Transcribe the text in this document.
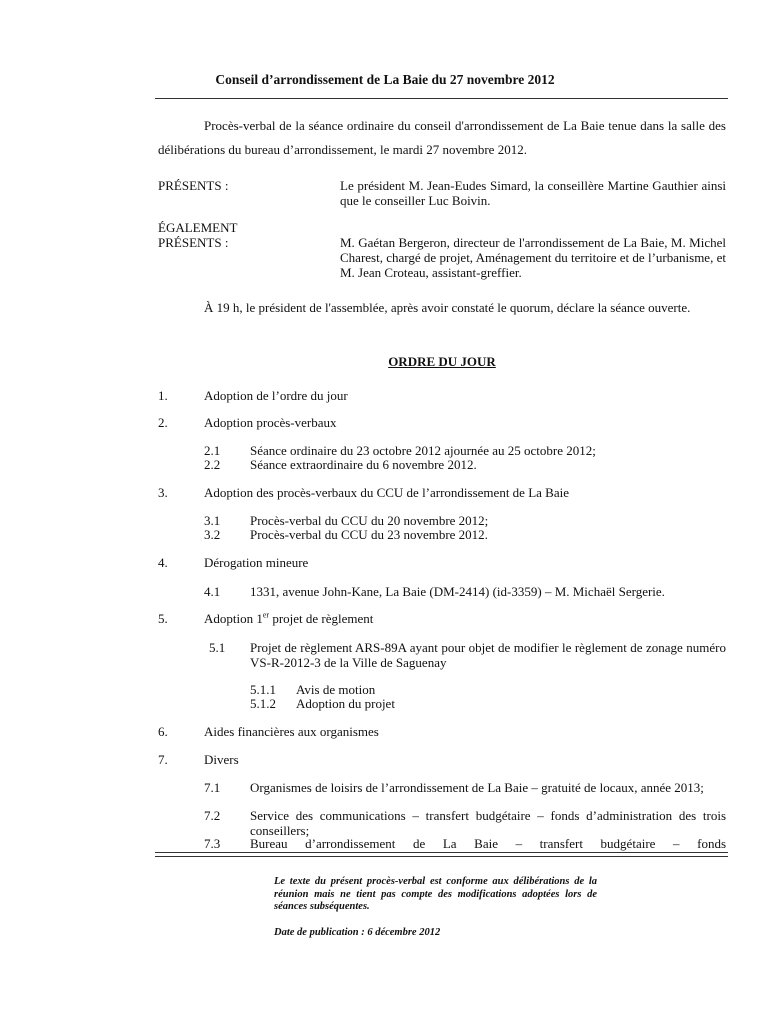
Conseil d’arrondissement de La Baie du 27 novembre 2012
Procès-verbal de la séance ordinaire du conseil d'arrondissement de La Baie tenue dans la salle des délibérations du bureau d’arrondissement, le mardi 27 novembre 2012.
PRÉSENTS :	Le président M. Jean-Eudes Simard, la conseillère Martine Gauthier ainsi que le conseiller Luc Boivin.
ÉGALEMENT
PRÉSENTS :	M. Gaétan Bergeron, directeur de l'arrondissement de La Baie, M. Michel Charest, chargé de projet, Aménagement du territoire et de l’urbanisme, et M. Jean Croteau, assistant-greffier.
À 19 h, le président de l'assemblée, après avoir constaté le quorum, déclare la séance ouverte.
ORDRE DU JOUR
1.	Adoption de l’ordre du jour
2.	Adoption procès-verbaux
2.1 Séance ordinaire du 23 octobre 2012 ajournée au 25 octobre 2012;
2.2 Séance extraordinaire du 6 novembre 2012.
3.	Adoption des procès-verbaux du CCU de l’arrondissement de La Baie
3.1 Procès-verbal du CCU du 20 novembre 2012;
3.2 Procès-verbal du CCU du 23 novembre 2012.
4.	Dérogation mineure
4.1 1331, avenue John-Kane, La Baie (DM-2414) (id-3359) – M. Michaël Sergerie.
5.	Adoption 1er projet de règlement
5.1 Projet de règlement ARS-89A ayant pour objet de modifier le règlement de zonage numéro VS-R-2012-3 de la Ville de Saguenay
5.1.1 Avis de motion
5.1.2 Adoption du projet
6.	Aides financières aux organismes
7.	Divers
7.1 Organismes de loisirs de l’arrondissement de La Baie – gratuité de locaux, année 2013;
7.2 Service des communications – transfert budgétaire – fonds d’administration des trois conseillers;
7.3 Bureau d’arrondissement de La Baie – transfert budgétaire – fonds
Le texte du présent procès-verbal est conforme aux délibérations de la réunion mais ne tient pas compte des modifications adoptées lors de séances subséquentes.
Date de publication : 6 décembre 2012
